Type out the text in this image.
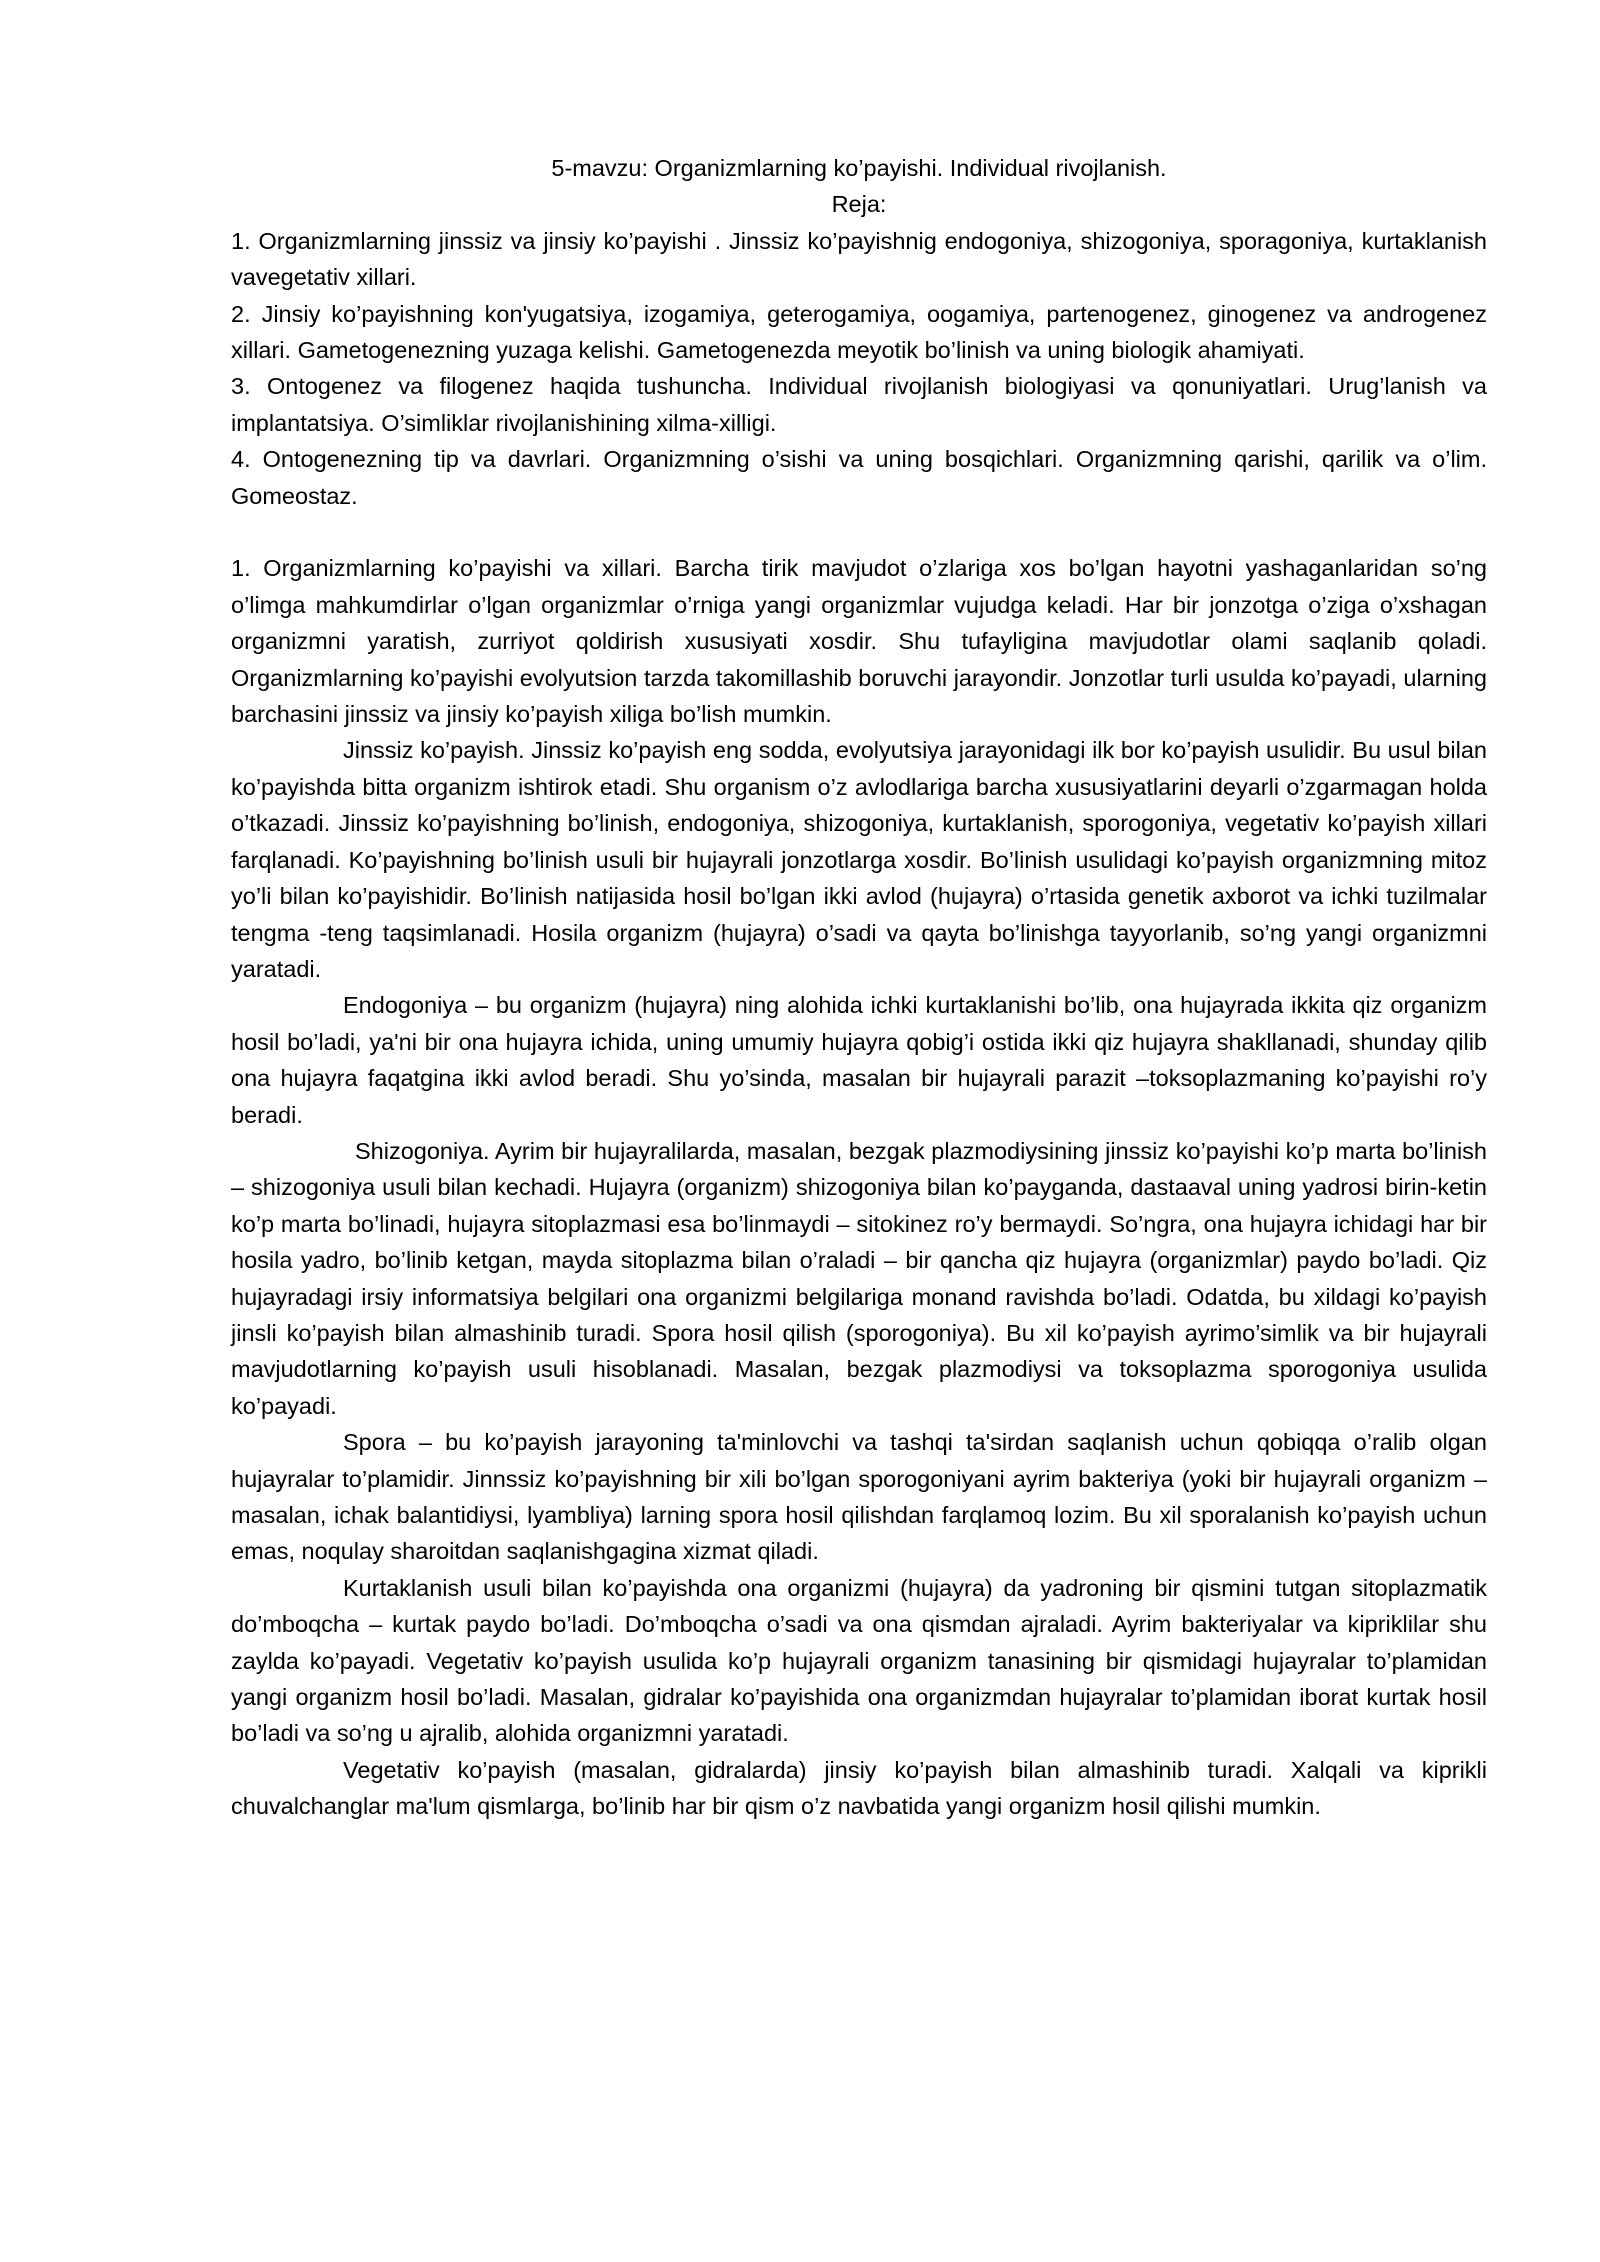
5-mavzu: Organizmlarning ko’payishi. Individual rivojlanish.

Reja:

1. Organizmlarning jinssiz va jinsiy ko’payishi . Jinssiz ko’payishnig endogoniya, shizogoniya, sporagoniya, kurtaklanish vavegetativ xillari.

2. Jinsiy ko’payishning kon'yugatsiya, izogamiya, geterogamiya, oogamiya, partenogenez, ginogenez va androgenez xillari. Gametogenezning yuzaga kelishi. Gametogenezda meyotik bo’linish va uning biologik ahamiyati.

3. Ontogenez va filogenez haqida tushuncha. Individual rivojlanish biologiyasi va qonuniyatlari. Urug’lanish va implantatsiya. O’simliklar rivojlanishining xilma-xilligi.

4. Ontogenezning tip va davrlari. Organizmning o’sishi va uning bosqichlari. Organizmning qarishi, qarilik va o’lim. Gomeostaz.

1. Organizmlarning ko’payishi va xillari. Barcha tirik mavjudot o’zlariga xos bo’lgan hayotni yashaganlaridan so’ng o’limga mahkumdirlar o’lgan organizmlar o’rniga yangi organizmlar vujudga keladi. Har bir jonzotga o’ziga o’xshagan organizmni yaratish, zurriyot qoldirish xususiyati xosdir. Shu tufayligina mavjudotlar olami saqlanib qoladi. Organizmlarning ko’payishi evolyutsion tarzda takomillashib boruvchi jarayondir. Jonzotlar turli usulda ko’payadi, ularning barchasini jinssiz va jinsiy ko’payish xiliga bo’lish mumkin.

Jinssiz ko’payish. Jinssiz ko’payish eng sodda, evolyutsiya jarayonidagi ilk bor ko’payish usulidir. Bu usul bilan ko’payishda bitta organizm ishtirok etadi. Shu organism o’z avlodlariga barcha xususiyatlarini deyarli o’zgarmagan holda o’tkazadi. Jinssiz ko’payishning bo’linish, endogoniya, shizogoniya, kurtaklanish, sporogoniya, vegetativ ko’payish xillari farqlanadi. Ko’payishning bo’linish usuli bir hujayrali jonzotlarga xosdir. Bo’linish usulidagi ko’payish organizmning mitoz yo’li bilan ko’payishidir. Bo’linish natijasida hosil bo’lgan ikki avlod (hujayra) o’rtasida genetik axborot va ichki tuzilmalar tengma -teng taqsimlanadi. Hosila organizm (hujayra) o’sadi va qayta bo’linishga tayyorlanib, so’ng yangi organizmni yaratadi.

Endogoniya – bu organizm (hujayra) ning alohida ichki kurtaklanishi bo’lib, ona hujayrada ikkita qiz organizm hosil bo’ladi, ya'ni bir ona hujayra ichida, uning umumiy hujayra qobig’i ostida ikki qiz hujayra shakllanadi, shunday qilib ona hujayra faqatgina ikki avlod beradi. Shu yo’sinda, masalan bir hujayrali parazit –toksoplazmaning ko’payishi ro’y beradi.

Shizogoniya. Ayrim bir hujayralilarda, masalan, bezgak plazmodiysining jinssiz ko’payishi ko’p marta bo’linish – shizogoniya usuli bilan kechadi. Hujayra (organizm) shizogoniya bilan ko’payganda, dastaaval uning yadrosi birin-ketin ko’p marta bo’linadi, hujayra sitoplazmasi esa bo’linmaydi – sitokinez ro’y bermaydi. So’ngra, ona hujayra ichidagi har bir hosila yadro, bo’linib ketgan, mayda sitoplazma bilan o’raladi – bir qancha qiz hujayra (organizmlar) paydo bo’ladi. Qiz hujayradagi irsiy informatsiya belgilari ona organizmi belgilariga monand ravishda bo’ladi. Odatda, bu xildagi ko’payish jinsli ko’payish bilan almashinib turadi. Spora hosil qilish (sporogoniya). Bu xil ko’payish ayrimo’simlik va bir hujayrali mavjudotlarning ko’payish usuli hisoblanadi. Masalan, bezgak plazmodiysi va toksoplazma sporogoniya usulida ko’payadi.

Spora – bu ko’payish jarayoning ta'minlovchi va tashqi ta'sirdan saqlanish uchun qobiqqa o’ralib olgan hujayralar to’plamidir. Jinnssiz ko’payishning bir xili bo’lgan sporogoniyani ayrim bakteriya (yoki bir hujayrali organizm – masalan, ichak balantidiysi, lyambliya) larning spora hosil qilishdan farqlamoq lozim. Bu xil sporalanish ko’payish uchun emas, noqulay sharoitdan saqlanishgagina xizmat qiladi.

Kurtaklanish usuli bilan ko’payishda ona organizmi (hujayra) da yadroning bir qismini tutgan sitoplazmatik do’mboqcha – kurtak paydo bo’ladi. Do’mboqcha o’sadi va ona qismdan ajraladi. Ayrim bakteriyalar va kipriklilar shu zaylda ko’payadi. Vegetativ ko’payish usulida ko’p hujayrali organizm tanasining bir qismidagi hujayralar to’plamidan yangi organizm hosil bo’ladi. Masalan, gidralar ko’payishida ona organizmdan hujayralar to’plamidan iborat kurtak hosil bo’ladi va so’ng u ajralib, alohida organizmni yaratadi.

Vegetativ ko’payish (masalan, gidralarda) jinsiy ko’payish bilan almashinib turadi. Xalqali va kiprikli chuvalchanglar ma'lum qismlarga, bo’linib har bir qism o’z navbatida yangi organizm hosil qilishi mumkin.
